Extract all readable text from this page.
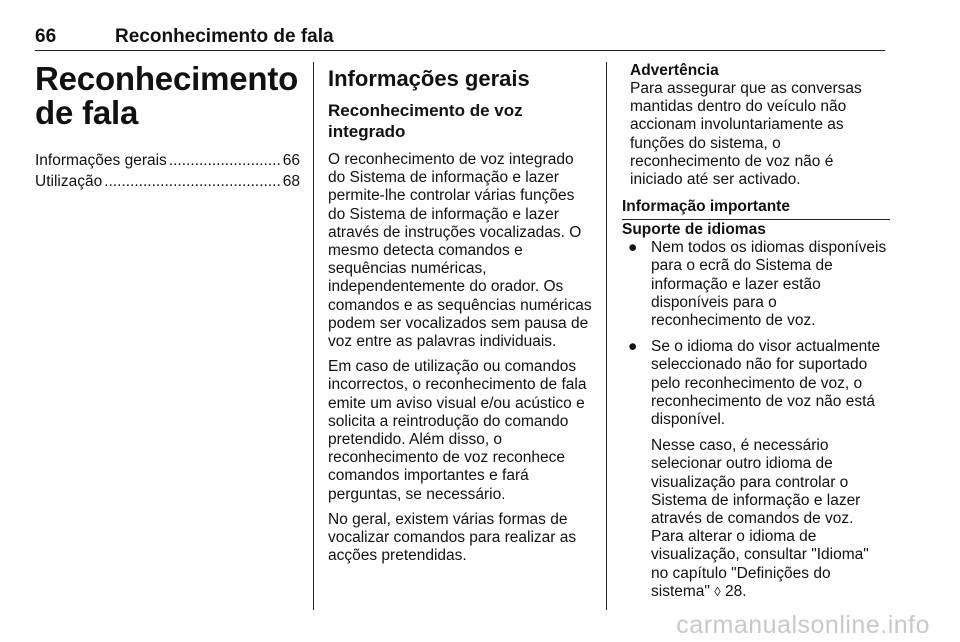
66	Reconhecimento de fala
Reconhecimento de fala
Informações gerais .....	66
Utilização .....	68
Informações gerais
Reconhecimento de voz integrado

O reconhecimento de voz integrado do Sistema de informação e lazer permite-lhe controlar várias funções do Sistema de informação e lazer através de instruções vocalizadas. O mesmo detecta comandos e sequências numéricas, independentemente do orador. Os comandos e as sequências numéricas podem ser vocalizados sem pausa de voz entre as palavras individuais.

Em caso de utilização ou comandos incorrectos, o reconhecimento de fala emite um aviso visual e/ou acústico e solicita a reintrodução do comando pretendido. Além disso, o reconhecimento de voz reconhece comandos importantes e fará perguntas, se necessário.

No geral, existem várias formas de vocalizar comandos para realizar as acções pretendidas.

Advertência
Para assegurar que as conversas mantidas dentro do veículo não accionam involuntariamente as funções do sistema, o reconhecimento de voz não é iniciado até ser activado.
Informação importante
Suporte de idiomas
● Nem todos os idiomas disponíveis para o ecrã do Sistema de informação e lazer estão disponíveis para o reconhecimento de voz.
● Se o idioma do visor actualmente seleccionado não for suportado pelo reconhecimento de voz, o reconhecimento de voz não está disponível.
Nesse caso, é necessário selecionar outro idioma de visualização para controlar o Sistema de informação e lazer através de comandos de voz. Para alterar o idioma de visualização, consultar "Idioma" no capítulo "Definições do sistema" ◊ 28.
carmanualsonline.info
